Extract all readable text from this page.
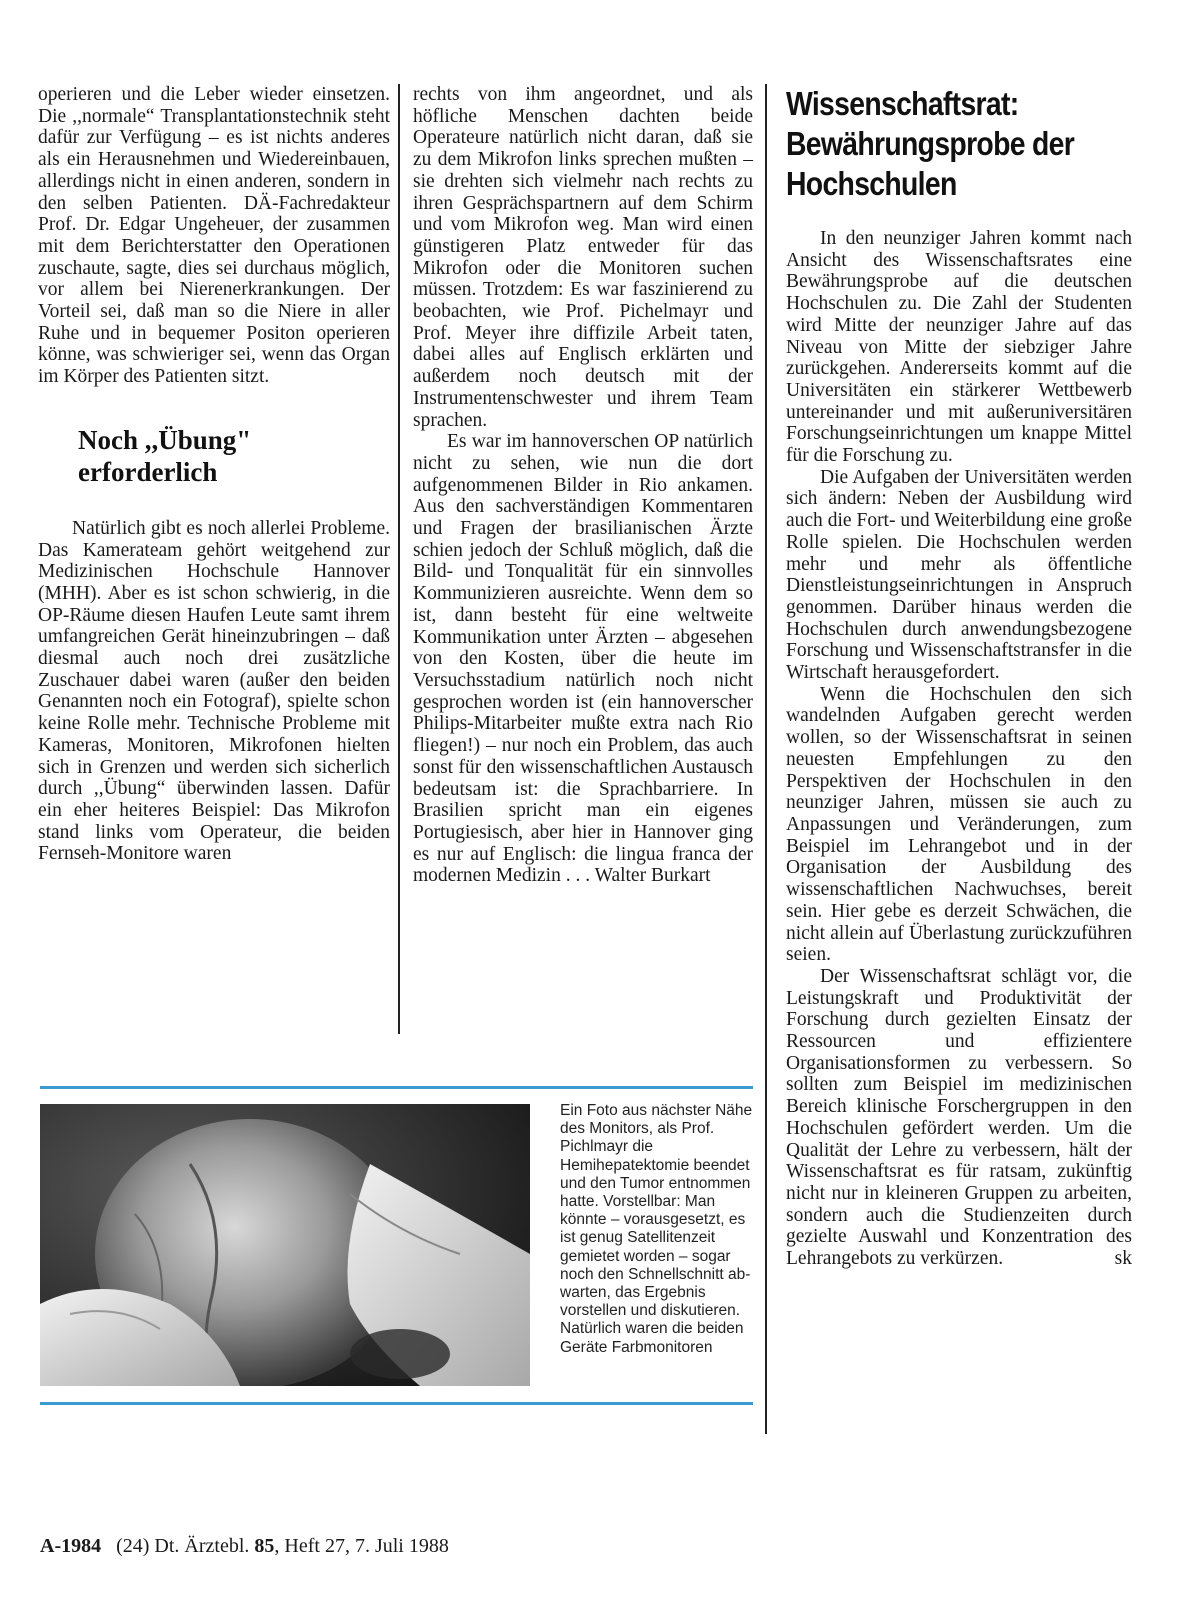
operieren und die Leber wieder einsetzen. Die ,,normale“ Transplantationstechnik steht dafür zur Verfügung – es ist nichts anderes als ein Herausnehmen und Wiedereinbauen, allerdings nicht in einen anderen, sondern in den selben Patienten. DÄ-Fachredakteur Prof. Dr. Edgar Ungeheuer, der zusammen mit dem Berichterstatter den Operationen zuschaute, sagte, dies sei durchaus möglich, vor allem bei Nierenerkrankungen. Der Vorteil sei, daß man so die Niere in aller Ruhe und in bequemer Positon operieren könne, was schwieriger sei, wenn das Organ im Körper des Patienten sitzt.

Noch ,,Übung" erforderlich

Natürlich gibt es noch allerlei Probleme. Das Kamerateam gehört weitgehend zur Medizinischen Hochschule Hannover (MHH). Aber es ist schon schwierig, in die OP-Räume diesen Haufen Leute samt ihrem umfangreichen Gerät hineinzubringen – daß diesmal auch noch drei zusätzliche Zuschauer dabei waren (außer den beiden Genannten noch ein Fotograf), spielte schon keine Rolle mehr. Technische Probleme mit Kameras, Monitoren, Mikrofonen hielten sich in Grenzen und werden sich sicherlich durch ,,Übung“ überwinden lassen. Dafür ein eher heiteres Beispiel: Das Mikrofon stand links vom Operateur, die beiden Fernseh-Monitore waren

rechts von ihm angeordnet, und als höfliche Menschen dachten beide Operateure natürlich nicht daran, daß sie zu dem Mikrofon links sprechen mußten – sie drehten sich vielmehr nach rechts zu ihren Gesprächspartnern auf dem Schirm und vom Mikrofon weg. Man wird einen günstigeren Platz entweder für das Mikrofon oder die Monitoren suchen müssen. Trotzdem: Es war faszinierend zu beobachten, wie Prof. Pichelmayr und Prof. Meyer ihre diffizile Arbeit taten, dabei alles auf Englisch erklärten und außerdem noch deutsch mit der Instrumentenschwester und ihrem Team sprachen.

Es war im hannoverschen OP natürlich nicht zu sehen, wie nun die dort aufgenommenen Bilder in Rio ankamen. Aus den sachverständigen Kommentaren und Fragen der brasilianischen Ärzte schien jedoch der Schluß möglich, daß die Bild- und Tonqualität für ein sinnvolles Kommunizieren ausreichte. Wenn dem so ist, dann besteht für eine weltweite Kommunikation unter Ärzten – abgesehen von den Kosten, über die heute im Versuchsstadium natürlich noch nicht gesprochen worden ist (ein hannoverscher Philips-Mitarbeiter mußte extra nach Rio fliegen!) – nur noch ein Problem, das auch sonst für den wissenschaftlichen Austausch bedeutsam ist: die Sprachbarriere. In Brasilien spricht man ein eigenes Portugiesisch, aber hier in Hannover ging es nur auf Englisch: die lingua franca der modernen Medizin . . . Walter Burkart

Wissenschaftsrat: Bewährungsprobe der Hochschulen

In den neunziger Jahren kommt nach Ansicht des Wissenschaftsrates eine Bewährungsprobe auf die deutschen Hochschulen zu. Die Zahl der Studenten wird Mitte der neunziger Jahre auf das Niveau von Mitte der siebziger Jahre zurückgehen. Andererseits kommt auf die Universitäten ein stärkerer Wettbewerb untereinander und mit außeruniversitären Forschungseinrichtungen um knappe Mittel für die Forschung zu.

Die Aufgaben der Universitäten werden sich ändern: Neben der Ausbildung wird auch die Fort- und Weiterbildung eine große Rolle spielen. Die Hochschulen werden mehr und mehr als öffentliche Dienstleistungseinrichtungen in Anspruch genommen. Darüber hinaus werden die Hochschulen durch anwendungsbezogene Forschung und Wissenschaftstransfer in die Wirtschaft herausgefordert.

Wenn die Hochschulen den sich wandelnden Aufgaben gerecht werden wollen, so der Wissenschaftsrat in seinen neuesten Empfehlungen zu den Perspektiven der Hochschulen in den neunziger Jahren, müssen sie auch zu Anpassungen und Veränderungen, zum Beispiel im Lehrangebot und in der Organisation der Ausbildung des wissenschaftlichen Nachwuchses, bereit sein. Hier gebe es derzeit Schwächen, die nicht allein auf Überlastung zurückzuführen seien.

Der Wissenschaftsrat schlägt vor, die Leistungskraft und Produktivität der Forschung durch gezielten Einsatz der Ressourcen und effizientere Organisationsformen zu verbessern. So sollten zum Beispiel im medizinischen Bereich klinische Forschergruppen in den Hochschulen gefördert werden. Um die Qualität der Lehre zu verbessern, hält der Wissenschaftsrat es für ratsam, zukünftig nicht nur in kleineren Gruppen zu arbeiten, sondern auch die Studienzeiten durch gezielte Auswahl und Konzentration des Lehrangebots zu verkürzen.	sk

Ein Foto aus nächster Nähe des Monitors, als Prof. Pichlmayr die Hemihepatektomie beendet und den Tumor entnommen hatte. Vorstellbar: Man könnte – vorausgesetzt, es ist genug Satellitenzeit gemietet worden – sogar noch den Schnellschnitt abwarten, das Ergebnis vorstellen und diskutieren. Natürlich waren die beiden Geräte Farbmonitoren

A-1984 (24) Dt. Ärztebl. 85, Heft 27, 7. Juli 1988
